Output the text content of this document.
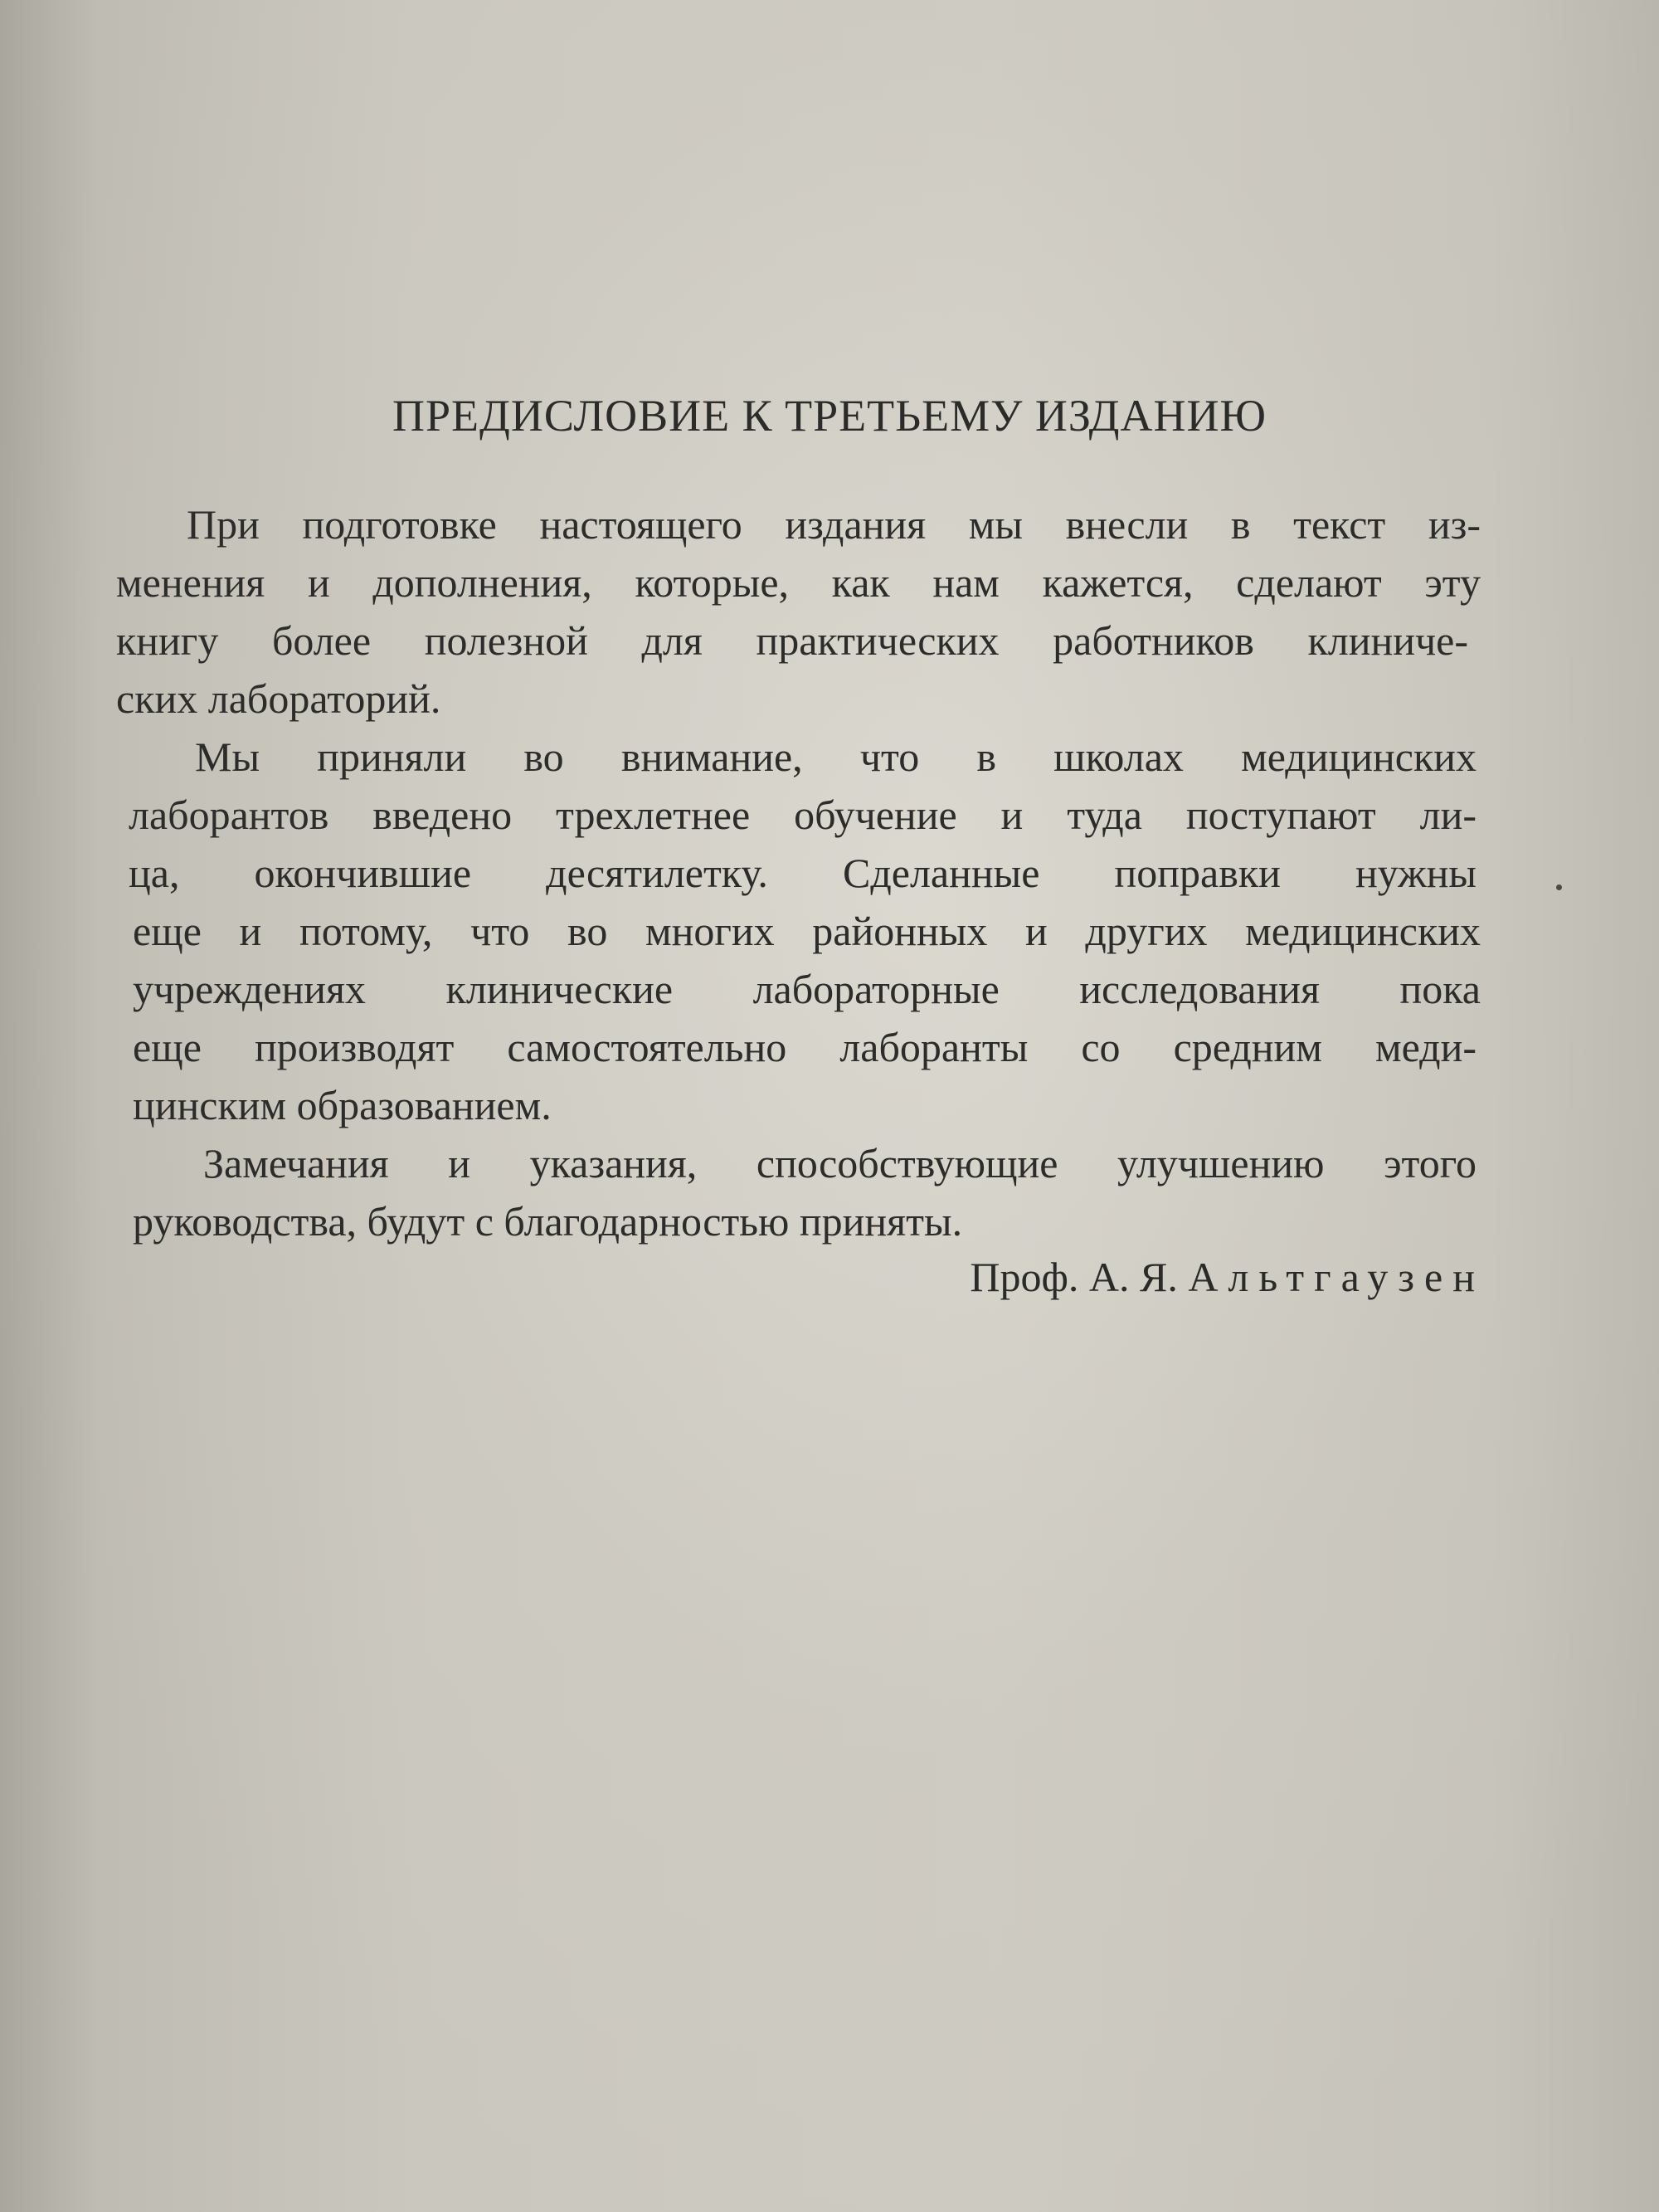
ПРЕДИСЛОВИЕ К ТРЕТЬЕМУ ИЗДАНИЮ
При подготовке настоящего издания мы внесли в текст из-
менения и дополнения, которые, как нам кажется, сделают эту
книгу более полезной для практических работников клиниче-
ских лабораторий.
Мы приняли во внимание, что в школах медицинских
лаборантов введено трехлетнее обучение и туда поступают ли-
ца, окончившие десятилетку. Сделанные поправки нужны
еще и потому, что во многих районных и других медицинских
учреждениях клинические лабораторные исследования пока
еще производят самостоятельно лаборанты со средним меди-
цинским образованием.
Замечания и указания, способствующие улучшению этого
руководства, будут с благодарностью приняты.
Проф. А. Я. Альтгаузен
